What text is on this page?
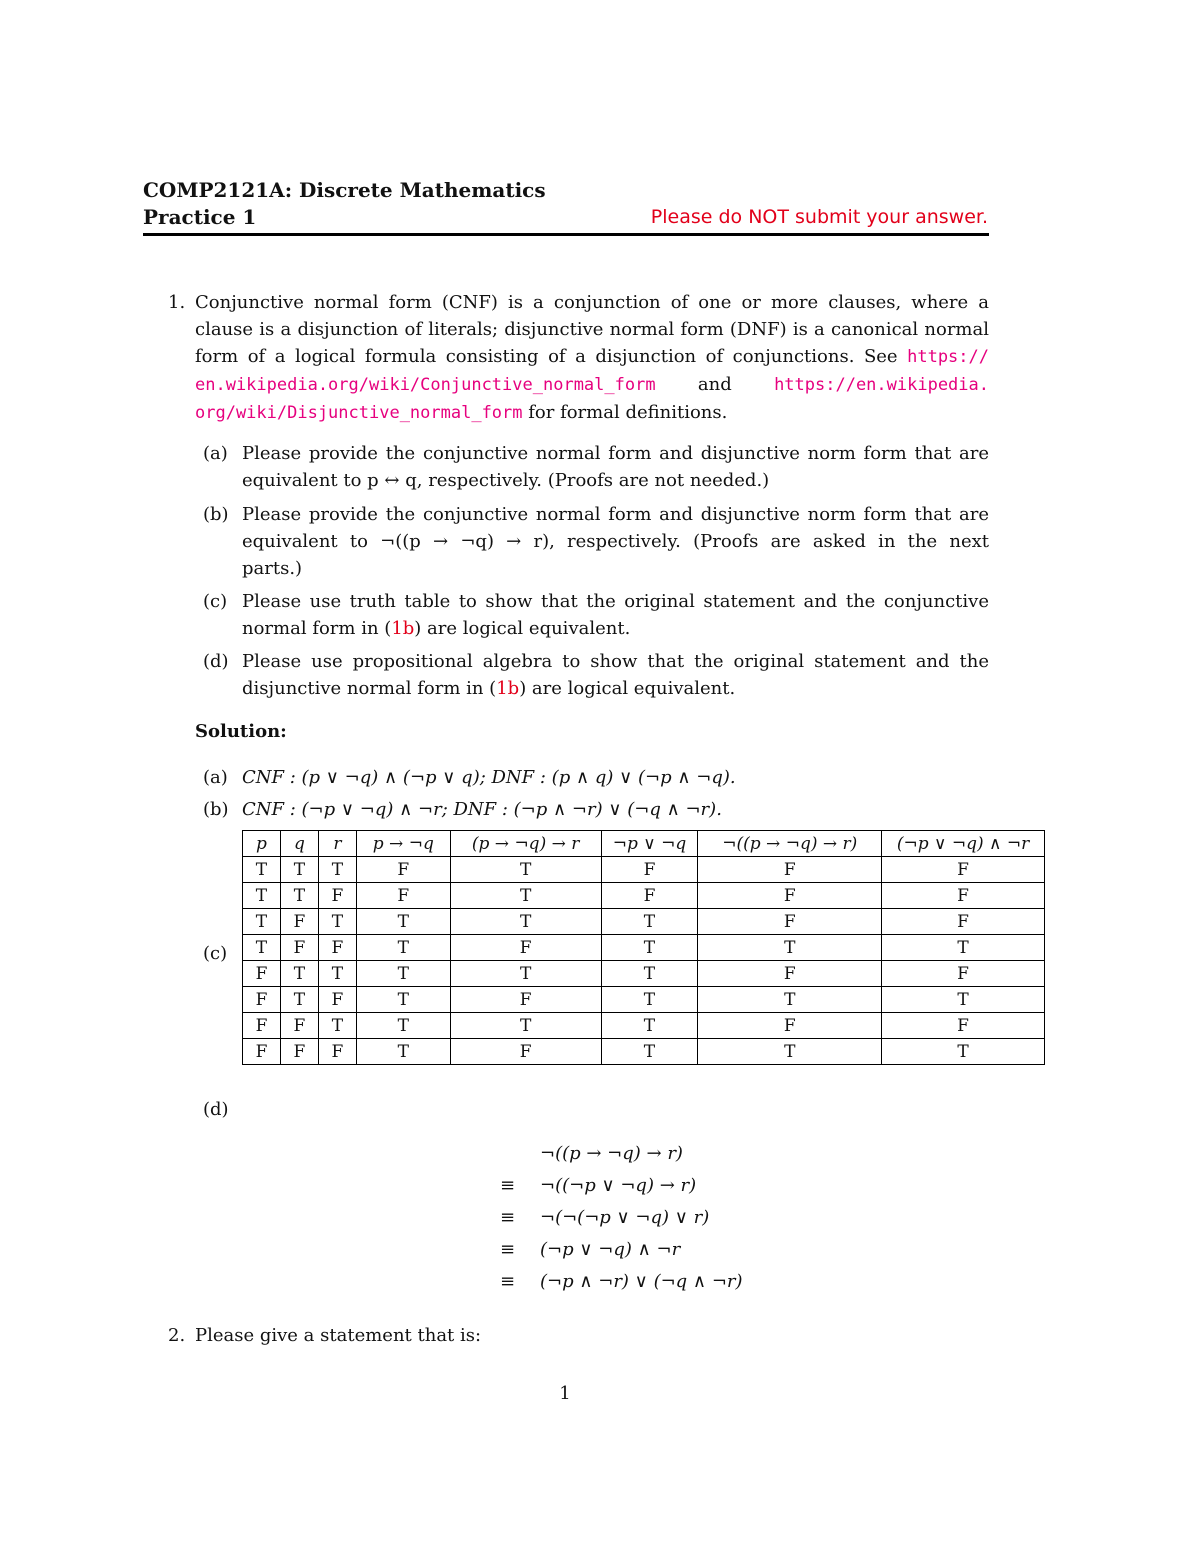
COMP2121A: Discrete Mathematics
Practice 1	Please do NOT submit your answer.
1. Conjunctive normal form (CNF) is a conjunction of one or more clauses, where a
clause is a disjunction of literals; disjunctive normal form (DNF) is a canonical normal
form of a logical formula consisting of a disjunction of conjunctions. See https://
en.wikipedia.org/wiki/Conjunctive_normal_form and https://en.wikipedia.
org/wiki/Disjunctive_normal_form for formal definitions.
(a) Please provide the conjunctive normal form and disjunctive norm form that are
equivalent to p ↔ q, respectively. (Proofs are not needed.)
(b) Please provide the conjunctive normal form and disjunctive norm form that are
equivalent to ¬((p → ¬q) → r), respectively. (Proofs are asked in the next
parts.)
(c) Please use truth table to show that the original statement and the conjunctive
normal form in (1b) are logical equivalent.
(d) Please use propositional algebra to show that the original statement and the
disjunctive normal form in (1b) are logical equivalent.
Solution:
(a) CNF : (p ∨ ¬q) ∧ (¬p ∨ q); DNF : (p ∧ q) ∨ (¬p ∧ ¬q).
(b) CNF : (¬p ∨ ¬q) ∧ ¬r; DNF : (¬p ∧ ¬r) ∨ (¬q ∧ ¬r).
(c)
p	q	r	p → ¬q	(p → ¬q) → r	¬p ∨ ¬q	¬((p → ¬q) → r)	(¬p ∨ ¬q) ∧ ¬r
T	T	T	F	T	F	F	F
T	T	F	F	T	F	F	F
T	F	T	T	T	T	F	F
T	F	F	T	F	T	T	T
F	T	T	T	T	T	F	F
F	T	F	T	F	T	T	T
F	F	T	T	T	T	F	F
F	F	F	T	F	T	T	T
(d)
¬((p → ¬q) → r)
≡ ¬((¬p ∨ ¬q) → r)
≡ ¬(¬(¬p ∨ ¬q) ∨ r)
≡ (¬p ∨ ¬q) ∧ ¬r
≡ (¬p ∧ ¬r) ∨ (¬q ∧ ¬r)
2. Please give a statement that is:
1
